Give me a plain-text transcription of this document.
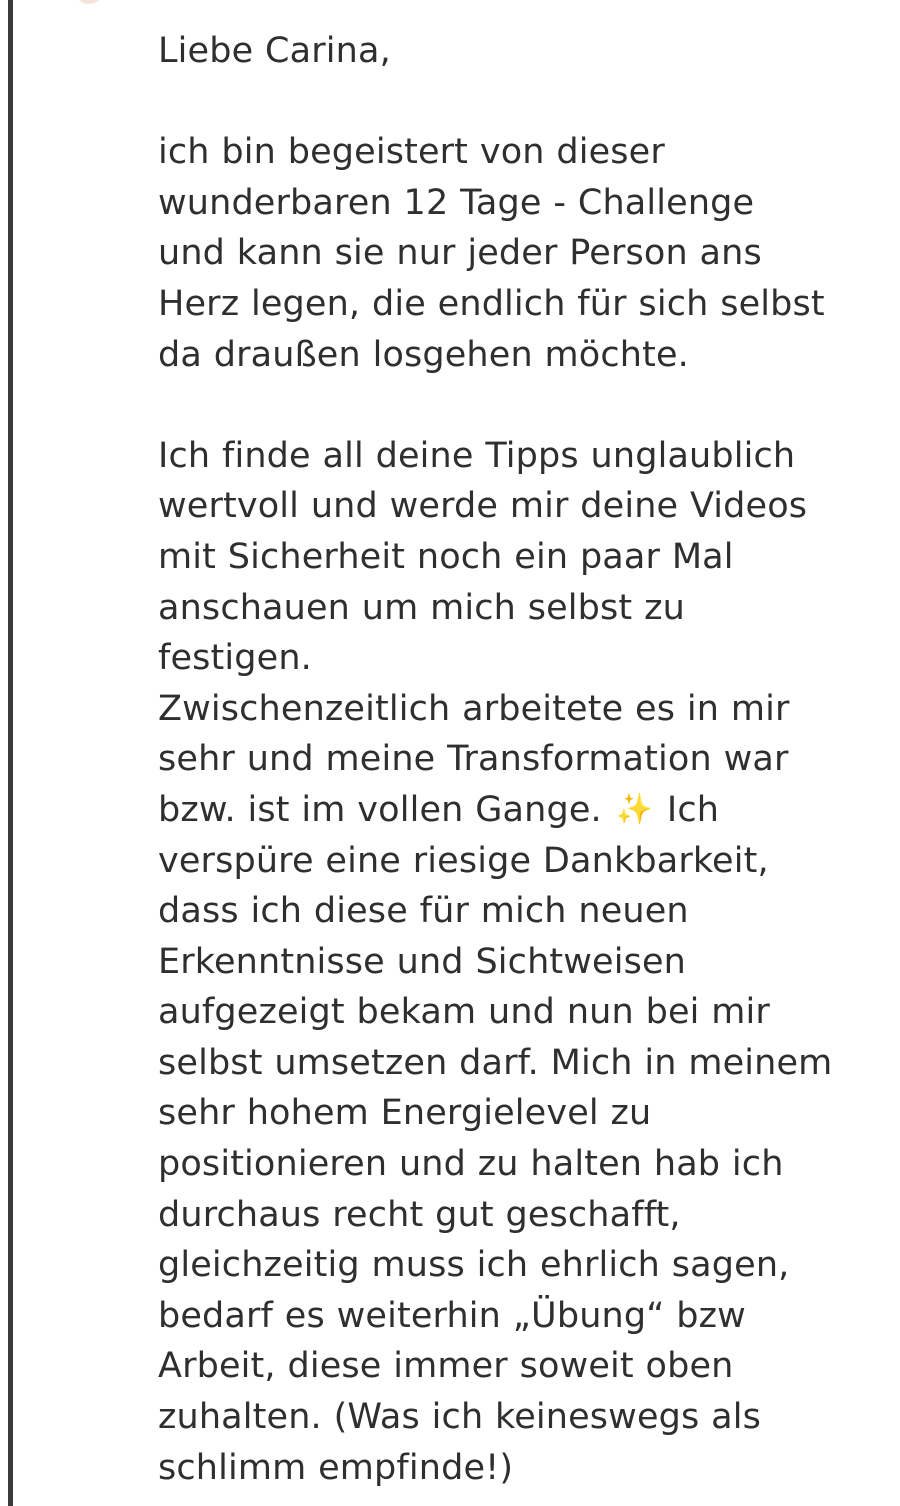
Liebe Carina,
ich bin begeistert von dieser
wunderbaren 12 Tage - Challenge
und kann sie nur jeder Person ans
Herz legen, die endlich für sich selbst
da draußen losgehen möchte.
Ich finde all deine Tipps unglaublich
wertvoll und werde mir deine Videos
mit Sicherheit noch ein paar Mal
anschauen um mich selbst zu
festigen.
Zwischenzeitlich arbeitete es in mir
sehr und meine Transformation war
bzw. ist im vollen Gange. ✨ Ich
verspüre eine riesige Dankbarkeit,
dass ich diese für mich neuen
Erkenntnisse und Sichtweisen
aufgezeigt bekam und nun bei mir
selbst umsetzen darf. Mich in meinem
sehr hohem Energielevel zu
positionieren und zu halten hab ich
durchaus recht gut geschafft,
gleichzeitig muss ich ehrlich sagen,
bedarf es weiterhin „Übung“ bzw
Arbeit, diese immer soweit oben
zuhalten. (Was ich keineswegs als
schlimm empfinde!)
